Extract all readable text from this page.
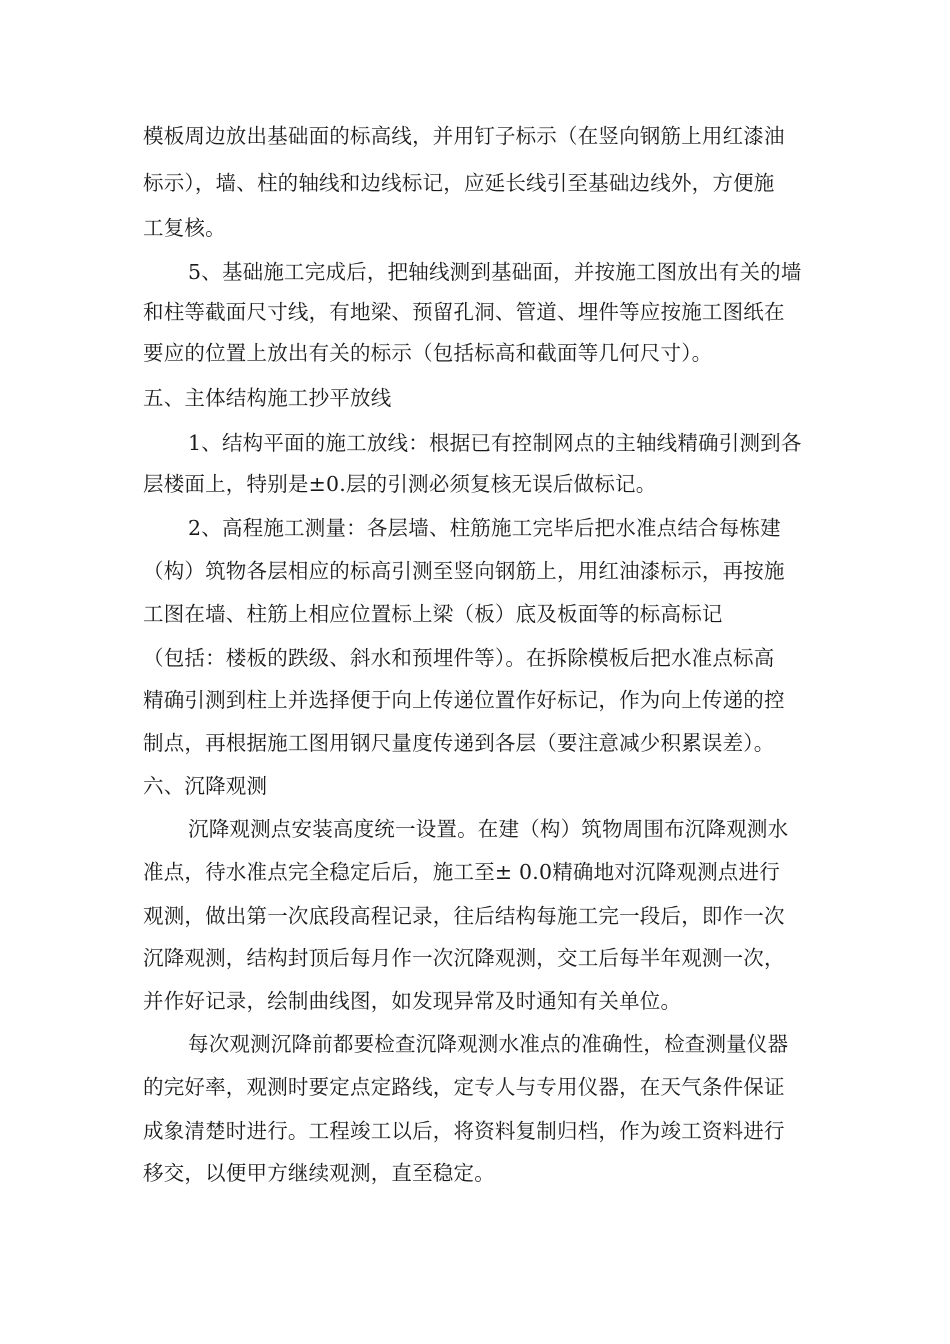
模板周边放出基础面的标高线，并用钉子标示（在竖向钢筋上用红漆油
标示），墙、柱的轴线和边线标记，应延长线引至基础边线外，方便施
工复核。
5、基础施工完成后，把轴线测到基础面，并按施工图放出有关的墙
和柱等截面尺寸线，有地梁、预留孔洞、管道、埋件等应按施工图纸在
要应的位置上放出有关的标示（包括标高和截面等几何尺寸）。
五、主体结构施工抄平放线
1、结构平面的施工放线：根据已有控制网点的主轴线精确引测到各
层楼面上，特别是±0.层的引测必须复核无误后做标记。
2、高程施工测量：各层墙、柱筋施工完毕后把水准点结合每栋建
（构）筑物各层相应的标高引测至竖向钢筋上，用红油漆标示，再按施
工图在墙、柱筋上相应位置标上梁（板）底及板面等的标高标记
（包括：楼板的跌级、斜水和预埋件等）。在拆除模板后把水准点标高
精确引测到柱上并选择便于向上传递位置作好标记，作为向上传递的控
制点，再根据施工图用钢尺量度传递到各层（要注意减少积累误差）。
六、沉降观测
沉降观测点安装高度统一设置。在建（构）筑物周围布沉降观测水
准点，待水准点完全稳定后后，施工至± 0.0精确地对沉降观测点进行
观测，做出第一次底段高程记录，往后结构每施工完一段后，即作一次
沉降观测，结构封顶后每月作一次沉降观测，交工后每半年观测一次，
并作好记录，绘制曲线图，如发现异常及时通知有关单位。
每次观测沉降前都要检查沉降观测水准点的准确性，检查测量仪器
的完好率，观测时要定点定路线，定专人与专用仪器，在天气条件保证
成象清楚时进行。工程竣工以后，将资料复制归档，作为竣工资料进行
移交，以便甲方继续观测，直至稳定。
